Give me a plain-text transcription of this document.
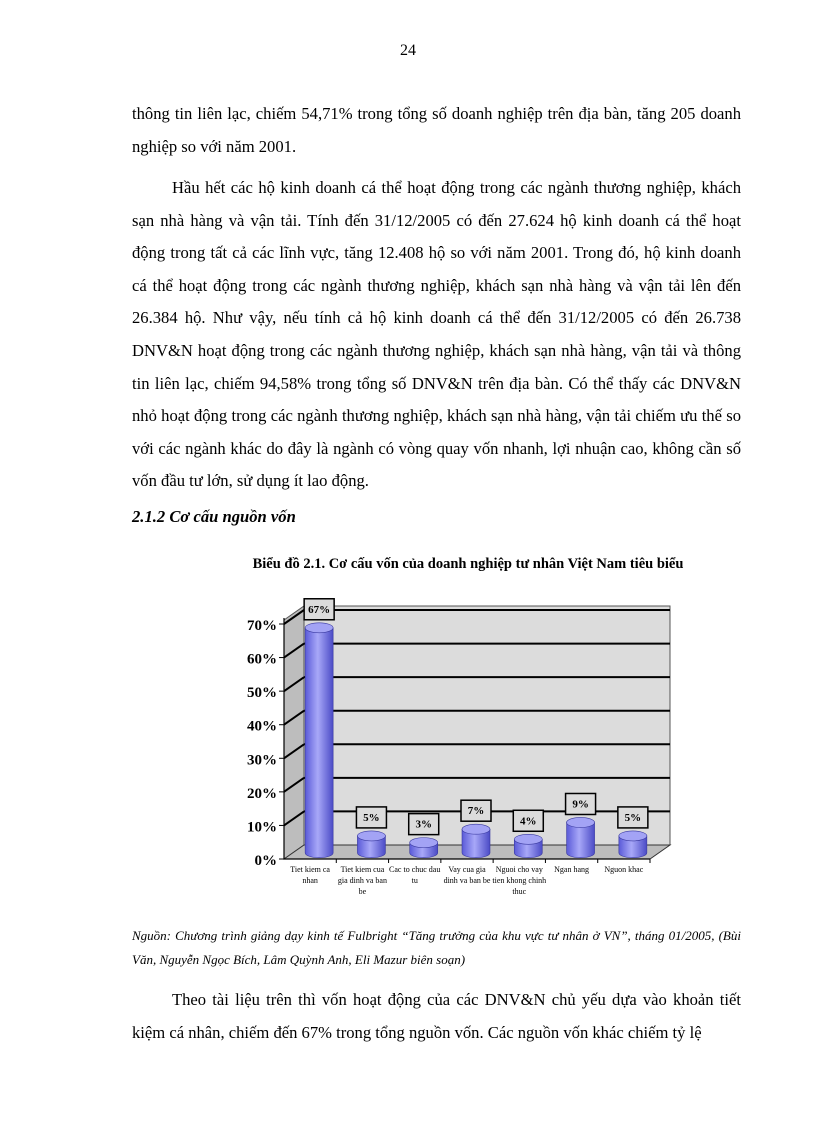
24
thông tin liên lạc, chiếm 54,71% trong tổng số doanh nghiệp trên địa bàn, tăng 205 doanh nghiệp so với năm 2001.
Hầu hết các hộ kinh doanh cá thể hoạt động trong các ngành thương nghiệp, khách sạn nhà hàng và vận tải. Tính đến 31/12/2005 có đến 27.624 hộ kinh doanh cá thể hoạt động trong tất cả các lĩnh vực, tăng 12.408 hộ so với năm 2001. Trong đó, hộ kinh doanh cá thể hoạt động trong các ngành thương nghiệp, khách sạn nhà hàng và vận tải lên đến 26.384 hộ. Như vậy, nếu tính cả hộ kinh doanh cá thể đến 31/12/2005 có đến 26.738 DNV&N hoạt động trong các ngành thương nghiệp, khách sạn nhà hàng, vận tải và thông tin liên lạc, chiếm 94,58% trong tổng số DNV&N trên địa bàn. Có thể thấy các DNV&N nhỏ hoạt động trong các ngành thương nghiệp, khách sạn nhà hàng, vận tải chiếm ưu thế so với các ngành khác do đây là ngành có vòng quay vốn nhanh, lợi nhuận cao, không cần số vốn đầu tư lớn, sử dụng ít lao động.
2.1.2 Cơ cấu nguồn vốn
Biểu đồ 2.1. Cơ cấu vốn của doanh nghiệp tư nhân Việt Nam tiêu biểu
0%
10%
20%
30%
40%
50%
60%
70%
67%
5%
3%
7%
4%
9%
5%
Tiet kiem ca
nhan
Tiet kiem cua
gia dinh va ban
be
Cac to chuc dau
tu
Vay cua gia
dinh va ban be
Nguoi cho vay
tien khong chinh
thuc
Ngan hang Nguon khac
Nguồn: Chương trình giảng dạy kinh tế Fulbright “Tăng trưởng của khu vực tư nhân ở VN”, tháng 01/2005, (Bùi Văn, Nguyễn Ngọc Bích, Lâm Quỳnh Anh, Eli Mazur biên soạn)
Theo tài liệu trên thì vốn hoạt động của các DNV&N chủ yếu dựa vào khoản tiết kiệm cá nhân, chiếm đến 67% trong tổng nguồn vốn. Các nguồn vốn khác chiếm tỷ lệ
